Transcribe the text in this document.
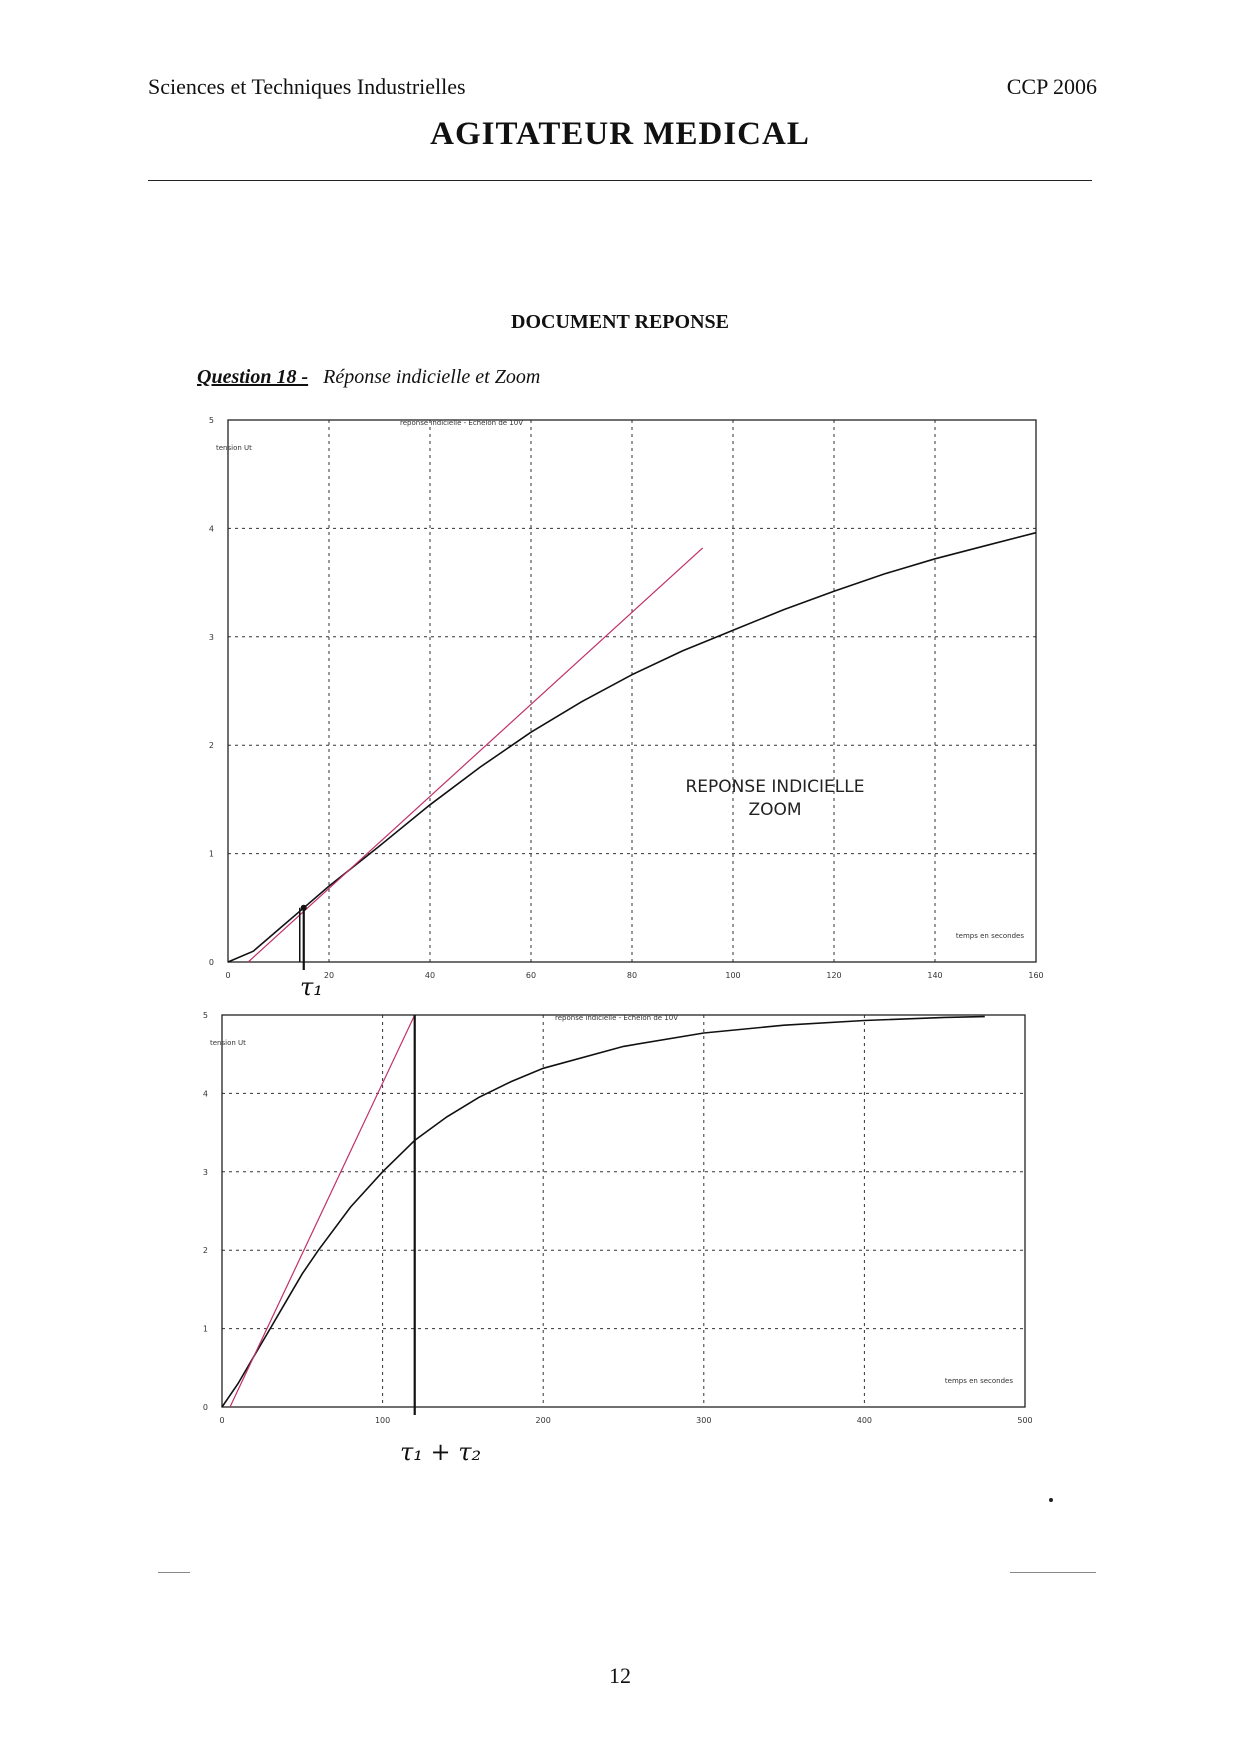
Sciences et Techniques Industrielles	CCP 2006
AGITATEUR MEDICAL
DOCUMENT REPONSE
Question 18 - Réponse indicielle et Zoom
0	20	40	60	80	100	120	140	160
0
1
2
3
4
5
tension Ut
temps en secondes
reponse indicielle - Echelon de 10V
REPONSE INDICIELLE
ZOOM
τ₁
0	100	200	300	400	500
0
1
2
3
4
5
tension Ut
temps en secondes
reponse indicielle - Echelon de 10V
τ₁ + τ₂
12
